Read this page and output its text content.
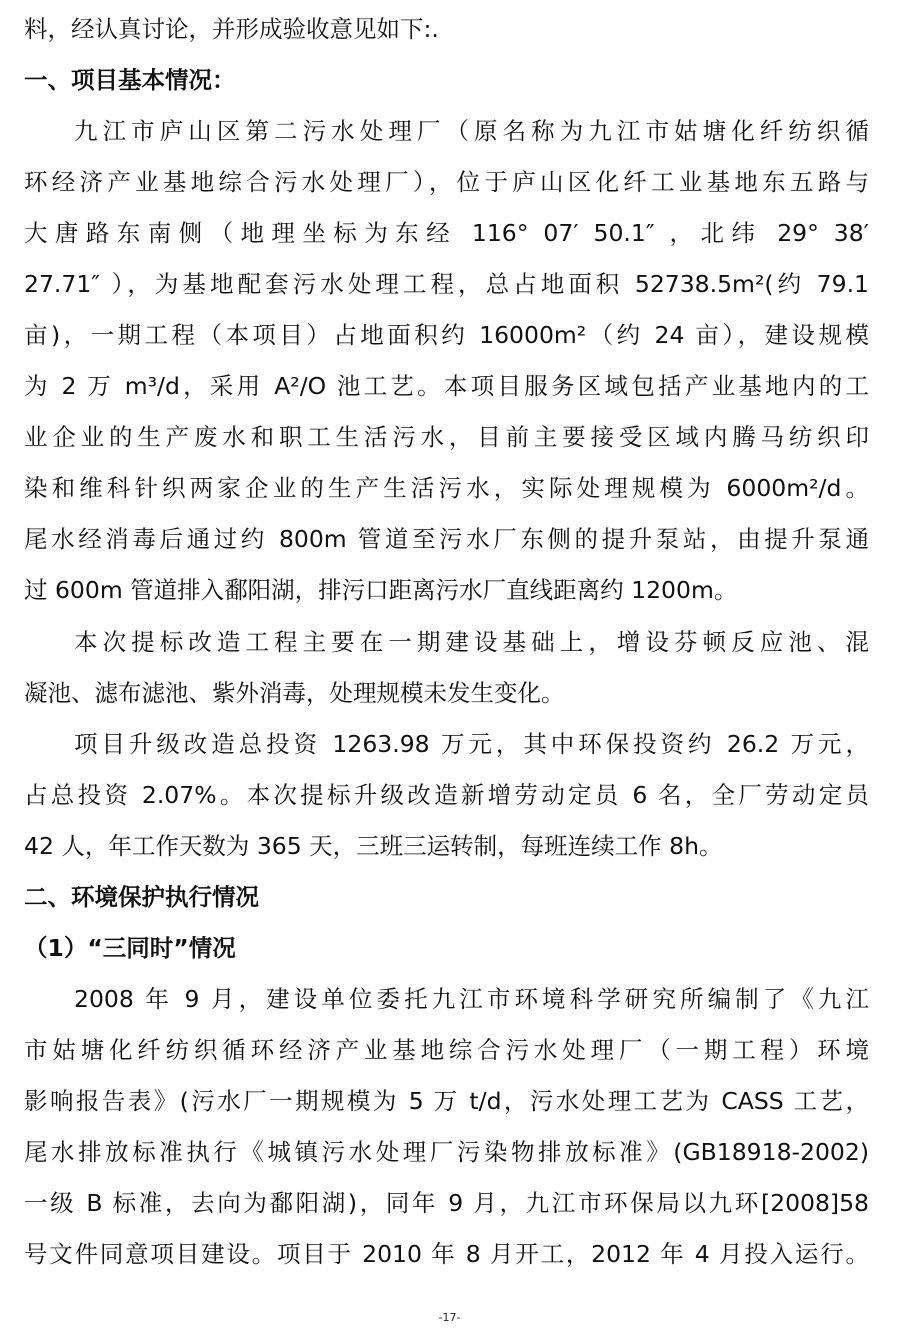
料，经认真讨论，并形成验收意见如下:.

一、项目基本情况：

九江市庐山区第二污水处理厂（原名称为九江市姑塘化纤纺织循

环经济产业基地综合污水处理厂），位于庐山区化纤工业基地东五路与

大唐路东南侧（地理坐标为东经 116° 07′ 50.1″ ，北纬 29° 38′

27.71″ ），为基地配套污水处理工程，总占地面积 52738.5m²(约 79.1

亩)，一期工程（本项目）占地面积约 16000m²（约 24 亩），建设规模

为 2 万 m³/d，采用 A²/O 池工艺。本项目服务区域包括产业基地内的工

业企业的生产废水和职工生活污水，目前主要接受区域内腾马纺织印

染和维科针织两家企业的生产生活污水，实际处理规模为 6000m²/d。

尾水经消毒后通过约 800m 管道至污水厂东侧的提升泵站，由提升泵通

过 600m 管道排入鄱阳湖，排污口距离污水厂直线距离约 1200m。

本次提标改造工程主要在一期建设基础上，增设芬顿反应池、混

凝池、滤布滤池、紫外消毒，处理规模未发生变化。

项目升级改造总投资 1263.98 万元，其中环保投资约 26.2 万元，

占总投资 2.07%。本次提标升级改造新增劳动定员 6 名，全厂劳动定员

42 人，年工作天数为 365 天，三班三运转制，每班连续工作 8h。

二、环境保护执行情况

（1）“三同时”情况

2008 年 9 月，建设单位委托九江市环境科学研究所编制了《九江

市姑塘化纤纺织循环经济产业基地综合污水处理厂（一期工程）环境

影响报告表》(污水厂一期规模为 5 万 t/d，污水处理工艺为 CASS 工艺，

尾水排放标准执行《城镇污水处理厂污染物排放标准》(GB18918-2002)

一级 B 标准，去向为鄱阳湖)，同年 9 月，九江市环保局以九环[2008]58

号文件同意项目建设。项目于 2010 年 8 月开工，2012 年 4 月投入运行。

-17-
